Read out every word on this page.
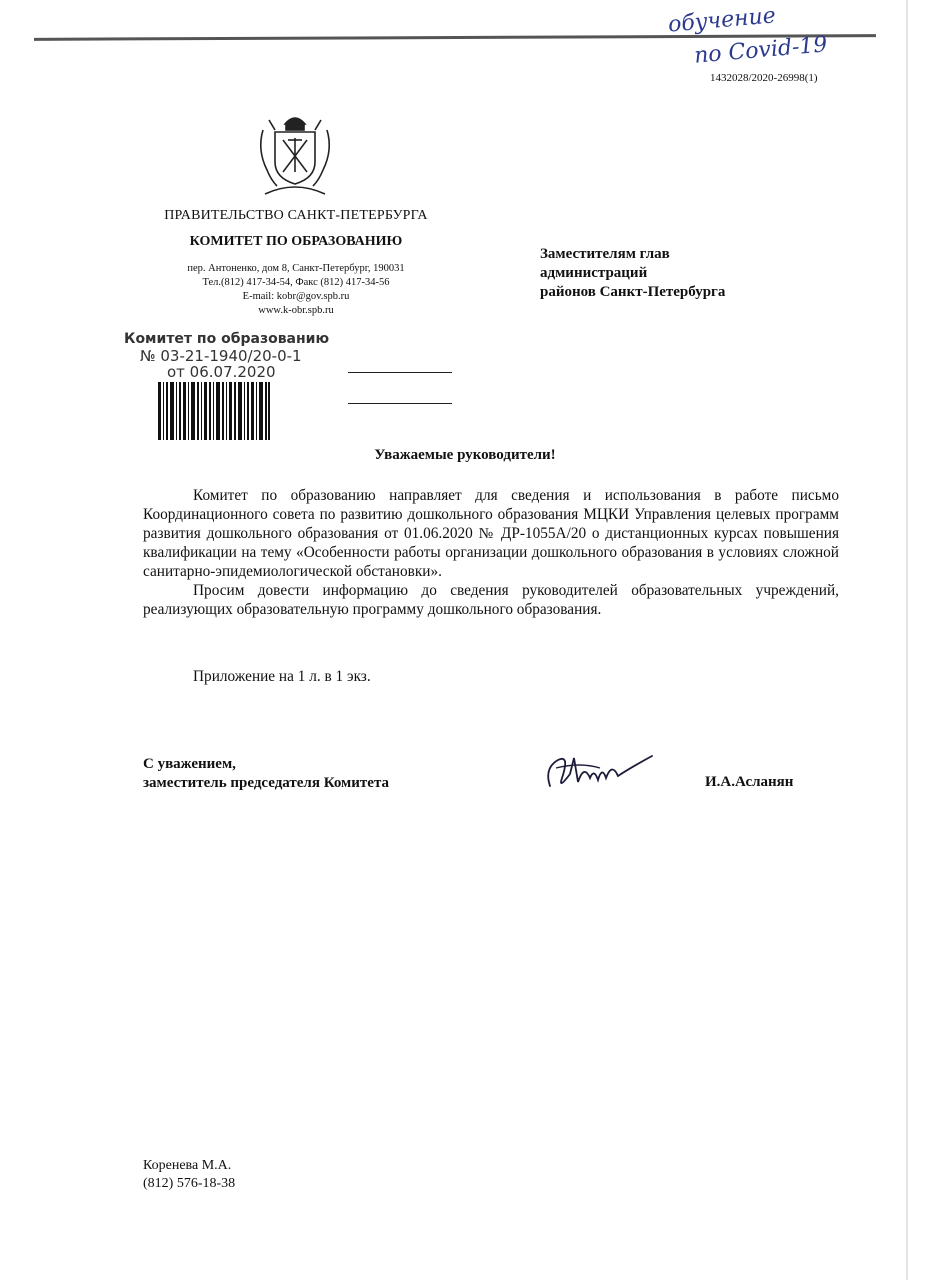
обучение
по Covid-19
1432028/2020-26998(1)
ПРАВИТЕЛЬСТВО САНКТ-ПЕТЕРБУРГА
КОМИТЕТ ПО ОБРАЗОВАНИЮ
пер. Антоненко, дом 8, Санкт-Петербург, 190031
Тел.(812) 417-34-54, Факс (812) 417-34-56
E-mail: kobr@gov.spb.ru
www.k-obr.spb.ru
Заместителям глав
администраций
районов Санкт-Петербурга
Комитет по образованию
№ 03-21-1940/20-0-1
от 06.07.2020
Уважаемые руководители!

Комитет по образованию направляет для сведения и использования в работе письмо Координационного совета по развитию дошкольного образования МЦКИ Управления целевых программ развития дошкольного образования от 01.06.2020 № ДР-1055А/20 о дистанционных курсах повышения квалификации на тему «Особенности работы организации дошкольного образования в условиях сложной санитарно-эпидемиологической обстановки».

Просим довести информацию до сведения руководителей образовательных учреждений, реализующих образовательную программу дошкольного образования.

Приложение на 1 л. в 1 экз.
С уважением,
заместитель председателя Комитета	И.А.Асланян
Коренева М.А.
(812) 576-18-38
